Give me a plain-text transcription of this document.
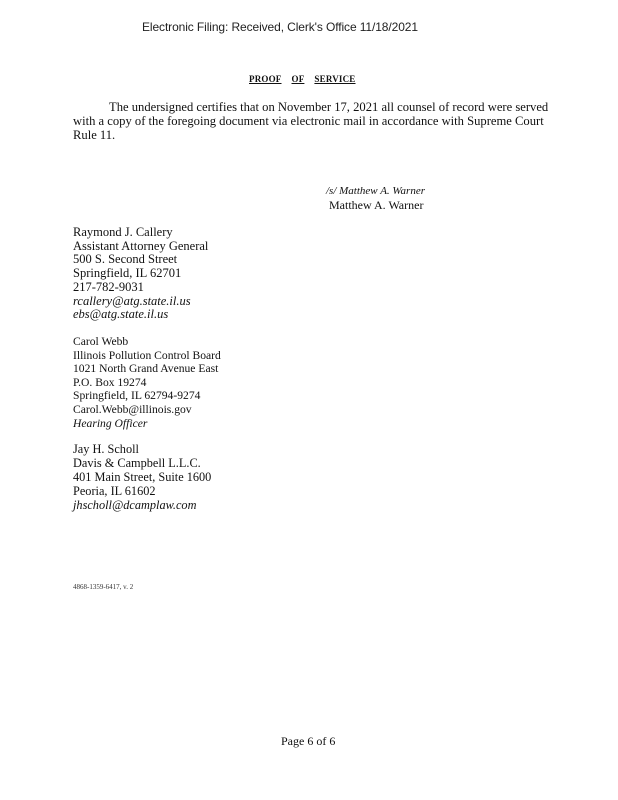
Electronic Filing: Received, Clerk's Office 11/18/2021
PROOF OF SERVICE
The undersigned certifies that on November 17, 2021 all counsel of record were served
with a copy of the foregoing document via electronic mail in accordance with Supreme Court
Rule 11.
/s/ Matthew A. Warner
Matthew A. Warner
Raymond J. Callery
Assistant Attorney General
500 S. Second Street
Springfield, IL 62701
217-782-9031
rcallery@atg.state.il.us
ebs@atg.state.il.us
Carol Webb
Illinois Pollution Control Board
1021 North Grand Avenue East
P.O. Box 19274
Springfield, IL 62794-9274
Carol.Webb@illinois.gov
Hearing Officer
Jay H. Scholl
Davis & Campbell L.L.C.
401 Main Street, Suite 1600
Peoria, IL 61602
jhscholl@dcamplaw.com
4868-1359-6417, v. 2
Page 6 of 6
